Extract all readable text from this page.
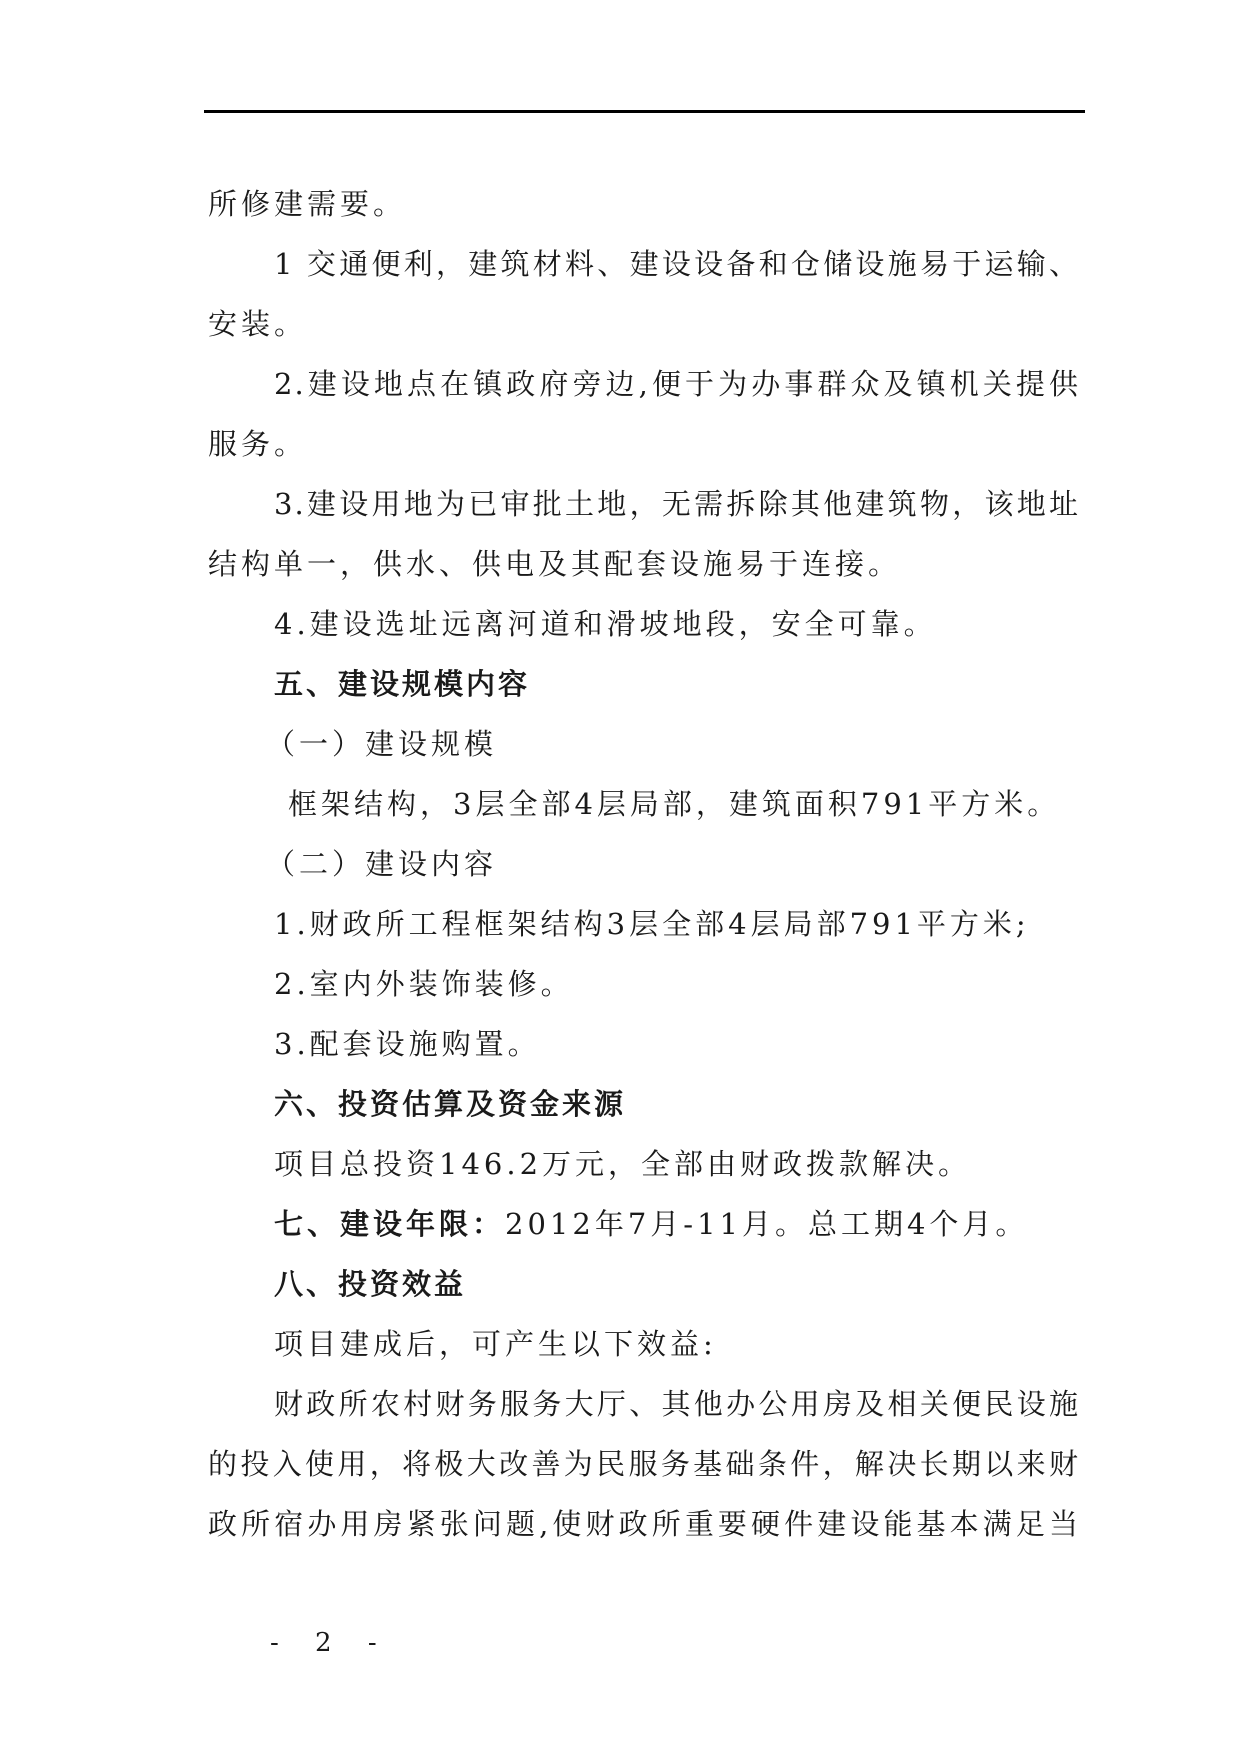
所修建需要。
1 交通便利，建筑材料、建设设备和仓储设施易于运输、
安装。
2.建设地点在镇政府旁边,便于为办事群众及镇机关提供
服务。
3.建设用地为已审批土地，无需拆除其他建筑物，该地址
结构单一，供水、供电及其配套设施易于连接。
4.建设选址远离河道和滑坡地段，安全可靠。
五、建设规模内容
（一）建设规模
框架结构，3层全部4层局部，建筑面积791平方米。
（二）建设内容
1.财政所工程框架结构3层全部4层局部791平方米;
2.室内外装饰装修。
3.配套设施购置。
六、投资估算及资金来源
项目总投资146.2万元，全部由财政拨款解决。
七、建设年限：2012年7月-11月。总工期4个月。
八、投资效益
项目建成后，可产生以下效益:
财政所农村财务服务大厅、其他办公用房及相关便民设施
的投入使用，将极大改善为民服务基础条件，解决长期以来财
政所宿办用房紧张问题,使财政所重要硬件建设能基本满足当
- 2 -
